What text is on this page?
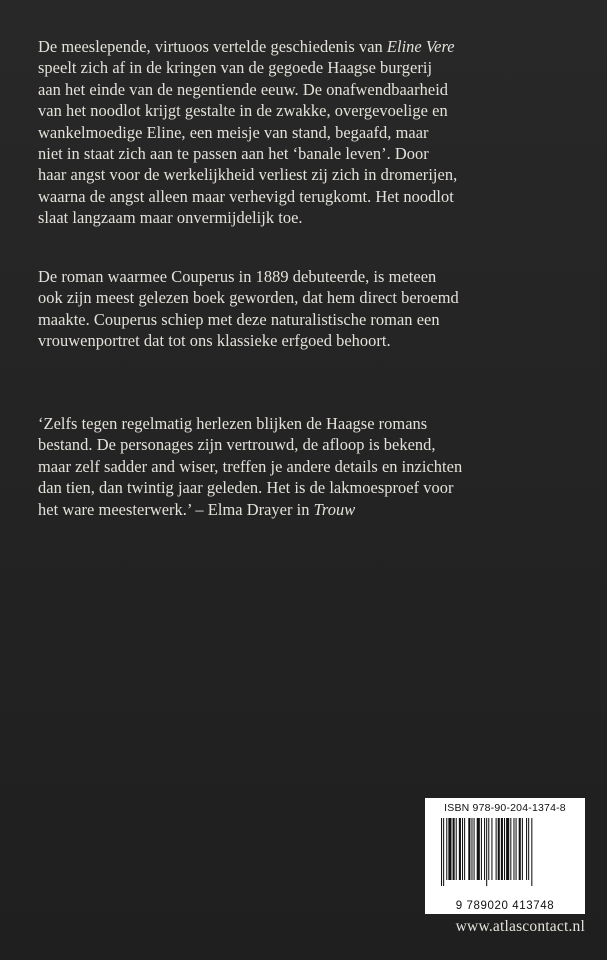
De meeslepende, virtuoos vertelde geschiedenis van Eline Vere

speelt zich af in de kringen van de gegoede Haagse burgerij

aan het einde van de negentiende eeuw. De onafwendbaarheid

van het noodlot krijgt gestalte in de zwakke, overgevoelige en

wankelmoedige Eline, een meisje van stand, begaafd, maar

niet in staat zich aan te passen aan het ‘banale leven’. Door

haar angst voor de werkelijkheid verliest zij zich in dromerijen,

waarna de angst alleen maar verhevigd terugkomt. Het noodlot

slaat langzaam maar onvermijdelijk toe.

De roman waarmee Couperus in 1889 debuteerde, is meteen

ook zijn meest gelezen boek geworden, dat hem direct beroemd

maakte. Couperus schiep met deze naturalistische roman een

vrouwenportret dat tot ons klassieke erfgoed behoort.

‘Zelfs tegen regelmatig herlezen blijken de Haagse romans

bestand. De personages zijn vertrouwd, de afloop is bekend,

maar zelf sadder and wiser, treffen je andere details en inzichten

dan tien, dan twintig jaar geleden. Het is de lakmoesproef voor

het ware meesterwerk.’ – Elma Drayer in Trouw

ISBN 978-90-204-1374-8
9 789020 413748
www.atlascontact.nl
